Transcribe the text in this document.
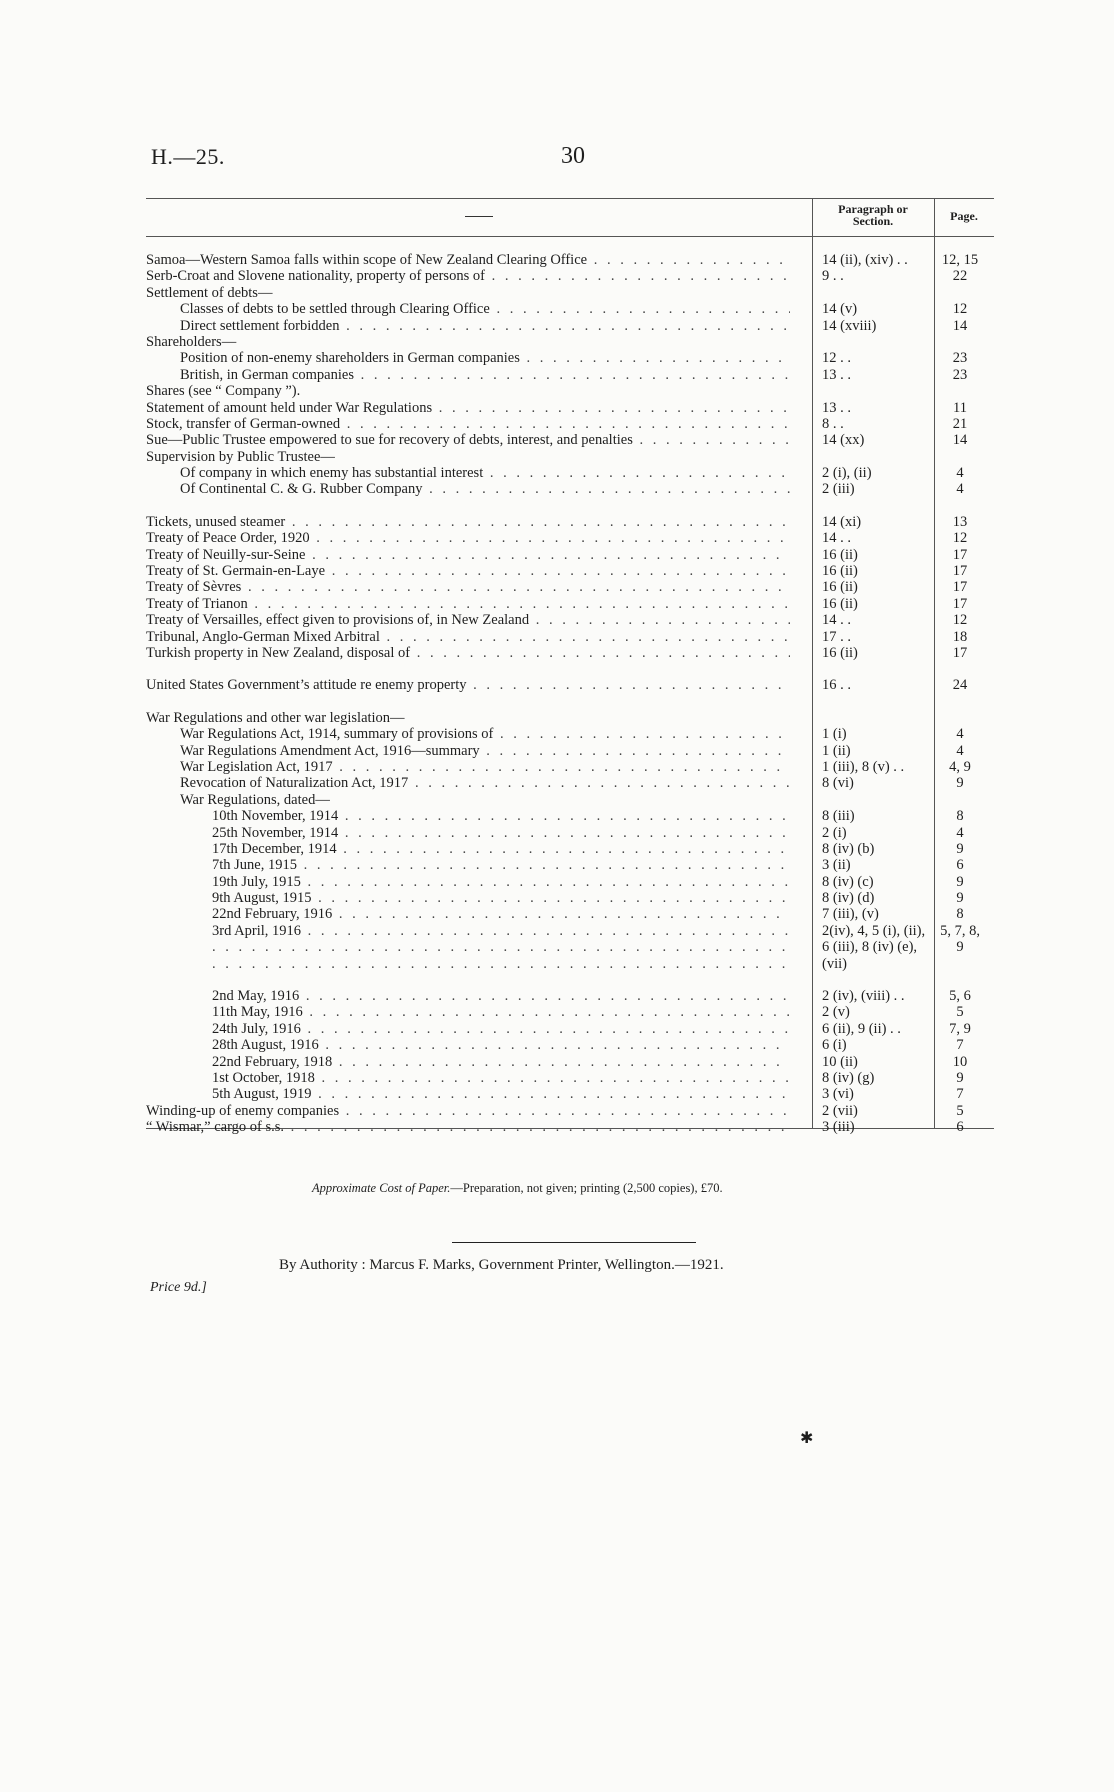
H.—25.	30
Paragraph or
Section.	Page.
Samoa—Western Samoa falls within scope of New Zealand Clearing Office . .	14 (ii), (xiv) . .	12, 15
Serb-Croat and Slovene nationality, property of persons of . .	9 . .	22
Settlement of debts—
Classes of debts to be settled through Clearing Office . .	14 (v)	12
Direct settlement forbidden . .	14 (xviii)	14
Shareholders—
Position of non-enemy shareholders in German companies . .	12 . .	23
British, in German companies . .	13 . .	23
Shares (see “ Company ”).
Statement of amount held under War Regulations . .	13 . .	11
Stock, transfer of German-owned . .	8 . .	21
Sue—Public Trustee empowered to sue for recovery of debts, interest, and penalties . .	14 (xx)	14
Supervision by Public Trustee—
Of company in which enemy has substantial interest . .	2 (i), (ii)	4
Of Continental C. & G. Rubber Company . .	2 (iii)	4
Tickets, unused steamer . .	14 (xi)	13
Treaty of Peace Order, 1920 . .	14 . .	12
Treaty of Neuilly-sur-Seine . .	16 (ii)	17
Treaty of St. Germain-en-Laye . .	16 (ii)	17
Treaty of Sèvres . .	16 (ii)	17
Treaty of Trianon . .	16 (ii)	17
Treaty of Versailles, effect given to provisions of, in New Zealand . .	14 . .	12
Tribunal, Anglo-German Mixed Arbitral . .	17 . .	18
Turkish property in New Zealand, disposal of . .	16 (ii)	17
United States Government’s attitude re enemy property . .	16 . .	24
War Regulations and other war legislation—
War Regulations Act, 1914, summary of provisions of . .	1 (i)	4
War Regulations Amendment Act, 1916—summary . .	1 (ii)	4
War Legislation Act, 1917 . .	1 (iii), 8 (v) . .	4, 9
Revocation of Naturalization Act, 1917 . .	8 (vi)	9
War Regulations, dated—
10th November, 1914 . .	8 (iii)	8
25th November, 1914 . .	2 (i)	4
17th December, 1914 . .	8 (iv) (b)	9
7th June, 1915 . .	3 (ii)	6
19th July, 1915 . .	8 (iv) (c)	9
9th August, 1915 . .	8 (iv) (d)	9
22nd February, 1916 . .	7 (iii), (v)	8
3rd April, 1916 . .	2(iv), 4, 5 (i), (ii),	5, 7, 8,
. .
6 (iii), 8 (iv) (e),	9
. .
(vii)
2nd May, 1916 . .	2 (iv), (viii) . .	5, 6
11th May, 1916 . .	2 (v)	5
24th July, 1916 . .	6 (ii), 9 (ii) . .	7, 9
28th August, 1916 . .	6 (i)	7
22nd February, 1918 . .	10 (ii)	10
1st October, 1918 . .	8 (iv) (g)	9
5th August, 1919 . .	3 (vi)	7
Winding-up of enemy companies . .	2 (vii)	5
“ Wismar,” cargo of s.s. . .	3 (iii)	6
Approximate Cost of Paper.—Preparation, not given; printing (2,500 copies), £70.
By Authority : Marcus F. Marks, Government Printer, Wellington.—1921.
Price 9d.]
✱
